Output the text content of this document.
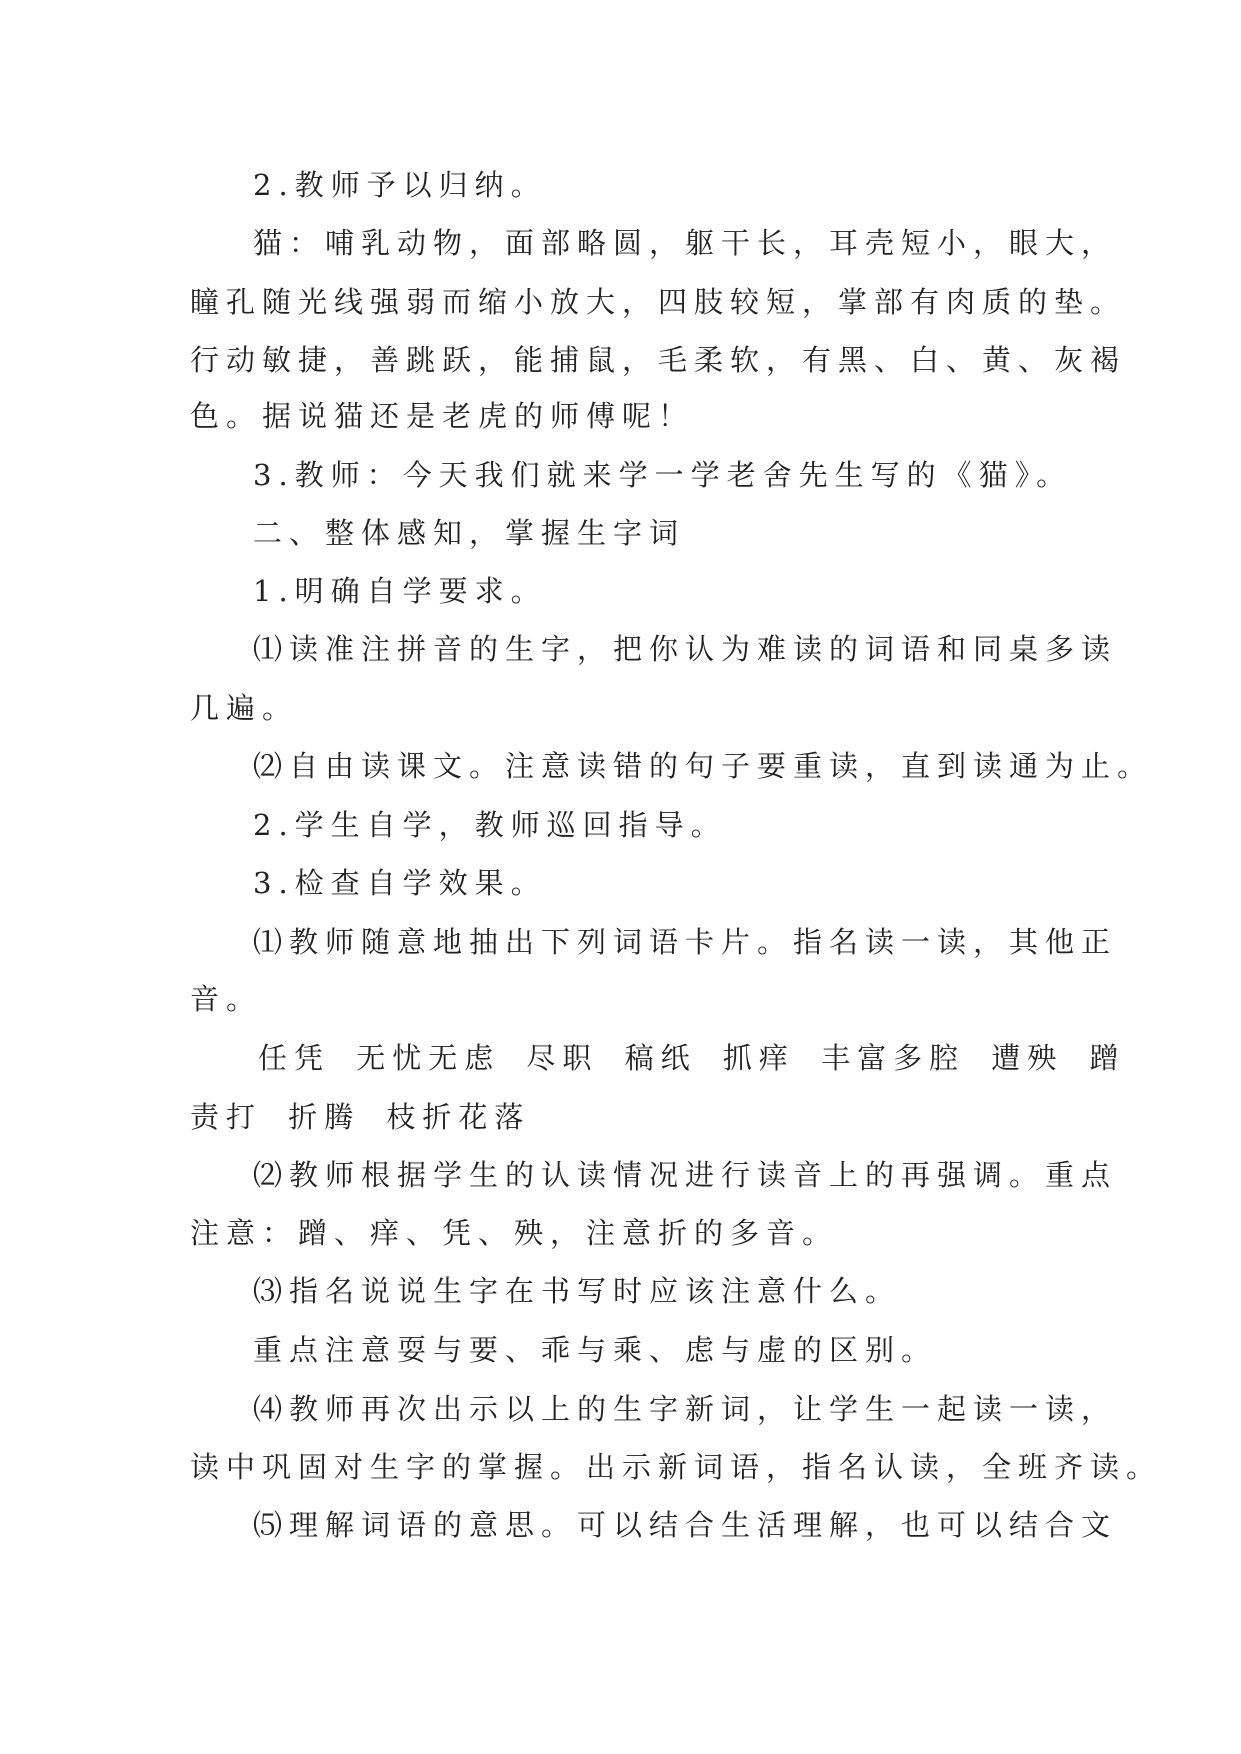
2.教师予以归纳。
猫：哺乳动物，面部略圆，躯干长，耳壳短小，眼大，
瞳孔随光线强弱而缩小放大，四肢较短，掌部有肉质的垫。
行动敏捷，善跳跃，能捕鼠，毛柔软，有黑、白、黄、灰褐
色。据说猫还是老虎的师傅呢！
3.教师：今天我们就来学一学老舍先生写的《猫》。
二、整体感知，掌握生字词
1.明确自学要求。
⑴读准注拼音的生字，把你认为难读的词语和同桌多读
几遍。
⑵自由读课文。注意读错的句子要重读，直到读通为止。
2.学生自学，教师巡回指导。
3.检查自学效果。
⑴教师随意地抽出下列词语卡片。指名读一读，其他正
音。
任凭 无忧无虑 尽职 稿纸 抓痒 丰富多腔 遭殃 蹭
责打 折腾 枝折花落
⑵教师根据学生的认读情况进行读音上的再强调。重点
注意：蹭、痒、凭、殃，注意折的多音。
⑶指名说说生字在书写时应该注意什么。
重点注意耍与要、乖与乘、虑与虚的区别。
⑷教师再次出示以上的生字新词，让学生一起读一读，
读中巩固对生字的掌握。出示新词语，指名认读，全班齐读。
⑸理解词语的意思。可以结合生活理解，也可以结合文
